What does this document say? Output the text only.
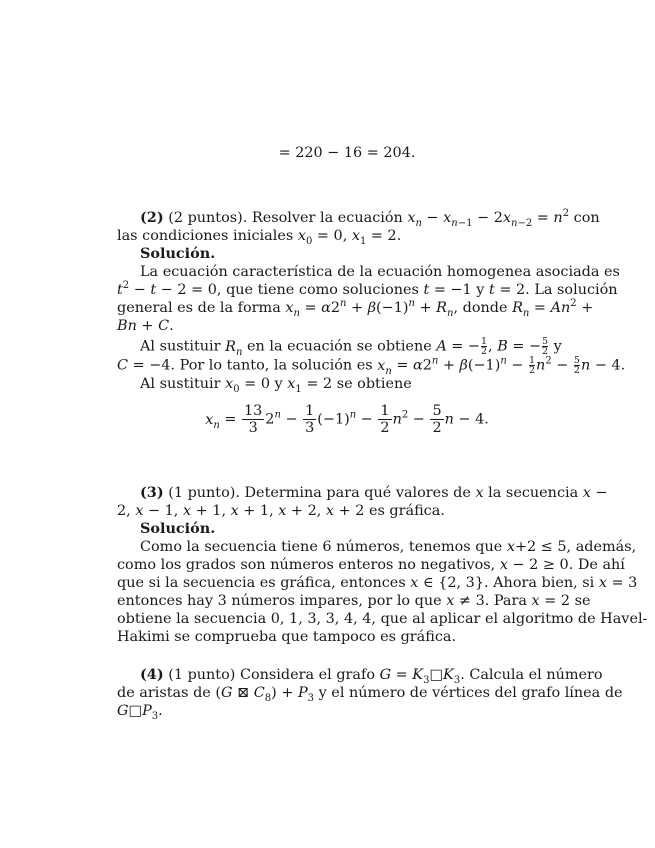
= 220 − 16 = 204.
(2) (2 puntos). Resolver la ecuación $x_n - x_{n-1} - 2x_{n-2} = n^2$ con
las condiciones iniciales $x_0 = 0$, $x_1 = 2$.
Solución.
La ecuación característica de la ecuación homogenea asociada es
$t^2 - t - 2 = 0$, que tiene como soluciones t = −1 y t = 2. La solución
general es de la forma $x_n = \alpha 2^n + \beta(-1)^n + R_n$, donde $R_n = An^2$ +
Bn + C.
Al sustituir $R_n$ en la ecuación se obtiene A = − $\frac{1}{2}$ , B = − $\frac{5}{2}$ y
C = −4. Por lo tanto, la solución es $x_n = \alpha 2^n + \beta(-1)^n - \frac{1}{2} n^2 - \frac{5}{2}$ n − 4.
Al sustituir $x_0 = 0$ y $x_1 = 2$ se obtiene
$x_n = \frac{13}{3} 2^n - \frac{1}{3} (-1)^n - \frac{1}{2} n^2 - \frac{5}{2}$ n − 4.
(3) (1 punto). Determina para qué valores de x la secuencia x −
2, x − 1, x + 1, x + 1, x + 2, x + 2 es gráfica.
Solución.
Como la secuencia tiene 6 números, tenemos que x+2 ≤ 5, además,
como los grados son números enteros no negativos, x − 2 ≥ 0. De ahí
que si la secuencia es gráfica, entonces x ∈ {2, 3}. Ahora bien, si x = 3
entonces hay 3 números impares, por lo que x ≠ 3. Para x = 2 se
obtiene la secuencia 0, 1, 3, 3, 4, 4, que al aplicar el algoritmo de Havel-
Hakimi se comprueba que tampoco es gráfica.
(4) (1 punto) Considera el grafo $G = K_3□K_3$. Calcula el número
de aristas de (G ⊠ $C_8) + P_3$ y el número de vértices del grafo línea de
$G□P_3$.
